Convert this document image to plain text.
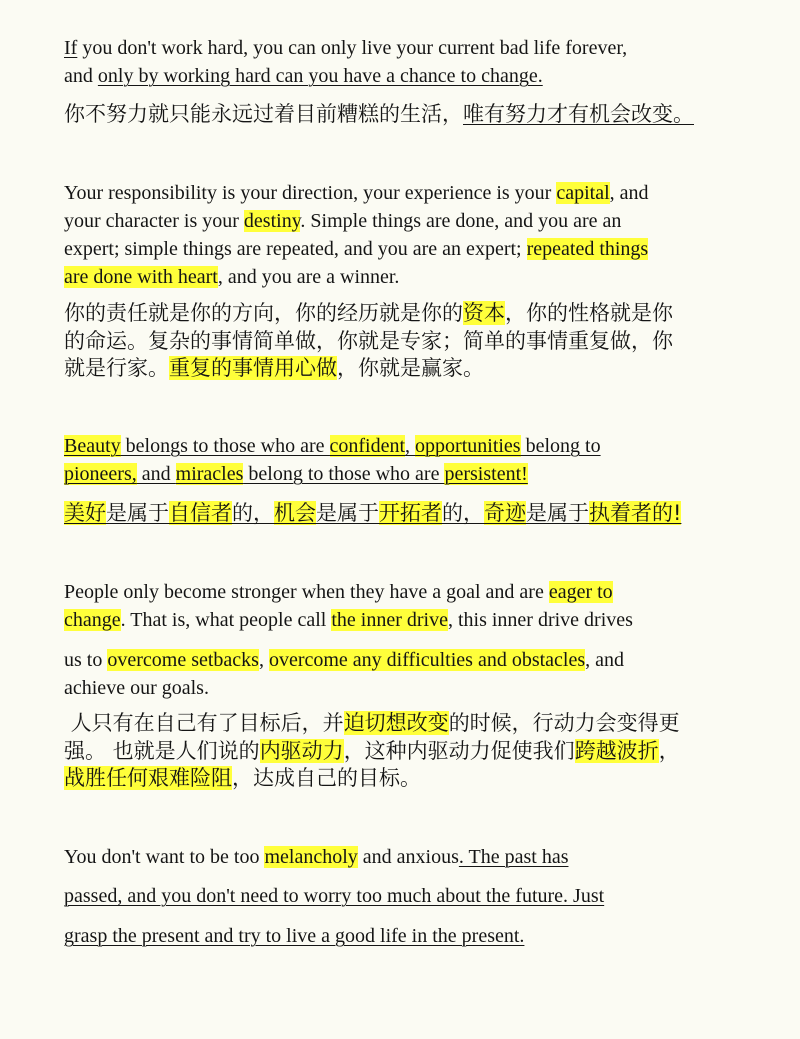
If you don't work hard, you can only live your current bad life forever,
and only by working hard can you have a chance to change.
你不努力就只能永远过着目前糟糕的生活，唯有努力才有机会改变。
Your responsibility is your direction, your experience is your capital, and
your character is your destiny. Simple things are done, and you are an
expert; simple things are repeated, and you are an expert; repeated things
are done with heart, and you are a winner.
你的责任就是你的方向，你的经历就是你的资本，你的性格就是你
的命运。复杂的事情简单做，你就是专家；简单的事情重复做，你
就是行家。重复的事情用心做，你就是赢家。
Beauty belongs to those who are confident, opportunities belong to
pioneers, and miracles belong to those who are persistent!
美好是属于自信者的，机会是属于开拓者的，奇迹是属于执着者的!
People only become stronger when they have a goal and are eager to
change. That is, what people call the inner drive, this inner drive drives
us to overcome setbacks, overcome any difficulties and obstacles, and
achieve our goals.
人只有在自己有了目标后，并迫切想改变的时候，行动力会变得更
强。 也就是人们说的内驱动力，这种内驱动力促使我们跨越波折，
战胜任何艰难险阻，达成自己的目标。
You don't want to be too melancholy and anxious. The past has
passed, and you don't need to worry too much about the future. Just
grasp the present and try to live a good life in the present.
